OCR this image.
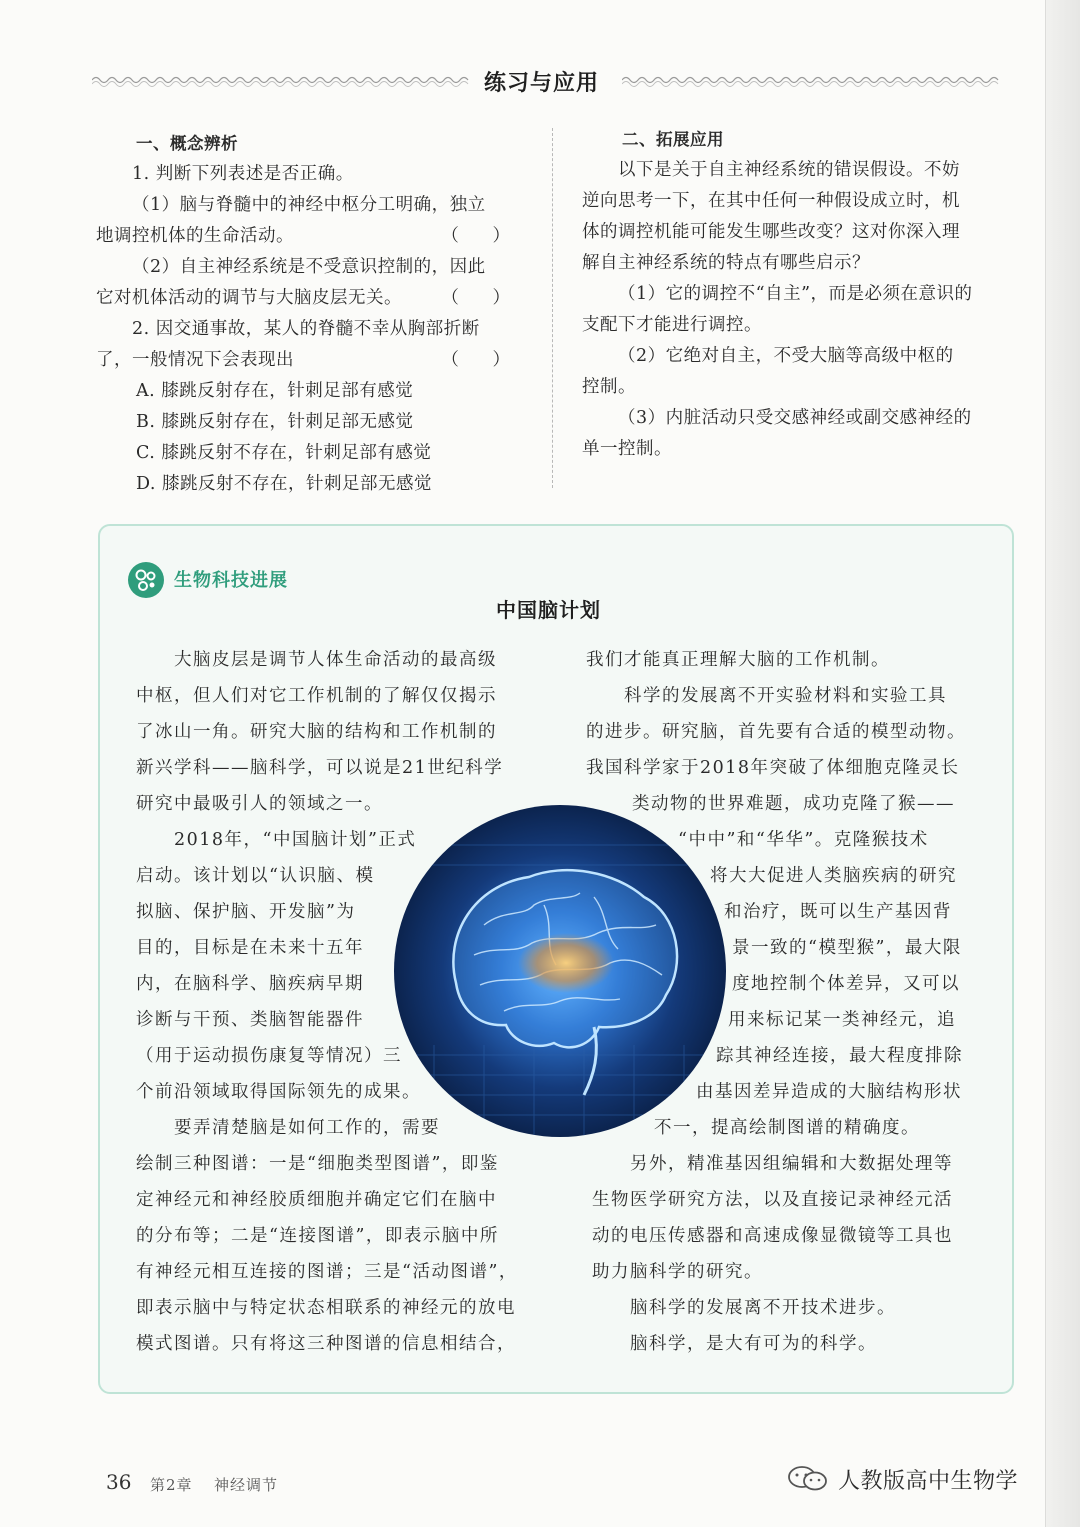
练习与应用

一、概念辨析

1. 判断下列表述是否正确。

（1）脑与脊髓中的神经中枢分工明确，独立

地调控机体的生命活动。	（ ）

（2）自主神经系统是不受意识控制的，因此

它对机体活动的调节与大脑皮层无关。 （ ）

2. 因交通事故，某人的脊髓不幸从胸部折断

了，一般情况下会表现出	（ ）

A. 膝跳反射存在，针刺足部有感觉

B. 膝跳反射存在，针刺足部无感觉

C. 膝跳反射不存在，针刺足部有感觉

D. 膝跳反射不存在，针刺足部无感觉

二、拓展应用

以下是关于自主神经系统的错误假设。不妨

逆向思考一下，在其中任何一种假设成立时，机

体的调控机能可能发生哪些改变？这对你深入理

解自主神经系统的特点有哪些启示？

（1）它的调控不“自主”，而是必须在意识的

支配下才能进行调控。

（2）它绝对自主，不受大脑等高级中枢的

控制。

（3）内脏活动只受交感神经或副交感神经的

单一控制。

生物科技进展
中国脑计划
　　大脑皮层是调节人体生命活动的最高级
中枢，但人们对它工作机制的了解仅仅揭示
了冰山一角。研究大脑的结构和工作机制的
新兴学科——脑科学，可以说是21世纪科学
研究中最吸引人的领域之一。
　　2018年，“中国脑计划”正式
启动。该计划以“认识脑、模
拟脑、保护脑、开发脑”为
目的，目标是在未来十五年
内，在脑科学、脑疾病早期
诊断与干预、类脑智能器件
（用于运动损伤康复等情况）三
个前沿领域取得国际领先的成果。
　　要弄清楚脑是如何工作的，需要
绘制三种图谱：一是“细胞类型图谱”，即鉴
定神经元和神经胶质细胞并确定它们在脑中
的分布等；二是“连接图谱”，即表示脑中所
有神经元相互连接的图谱；三是“活动图谱”，
即表示脑中与特定状态相联系的神经元的放电
模式图谱。只有将这三种图谱的信息相结合，
我们才能真正理解大脑的工作机制。
　　科学的发展离不开实验材料和实验工具
的进步。研究脑，首先要有合适的模型动物。
我国科学家于2018年突破了体细胞克隆灵长
类动物的世界难题，成功克隆了猴——
“中中”和“华华”。克隆猴技术
将大大促进人类脑疾病的研究
和治疗，既可以生产基因背
景一致的“模型猴”，最大限
度地控制个体差异，又可以
用来标记某一类神经元，追
踪其神经连接，最大程度排除
由基因差异造成的大脑结构形状
不一，提高绘制图谱的精确度。
　　另外，精准基因组编辑和大数据处理等
生物医学研究方法，以及直接记录神经元活
动的电压传感器和高速成像显微镜等工具也
助力脑科学的研究。
　　脑科学的发展离不开技术进步。
　　脑科学，是大有可为的科学。
36 第2章 神经调节	人教版高中生物学
